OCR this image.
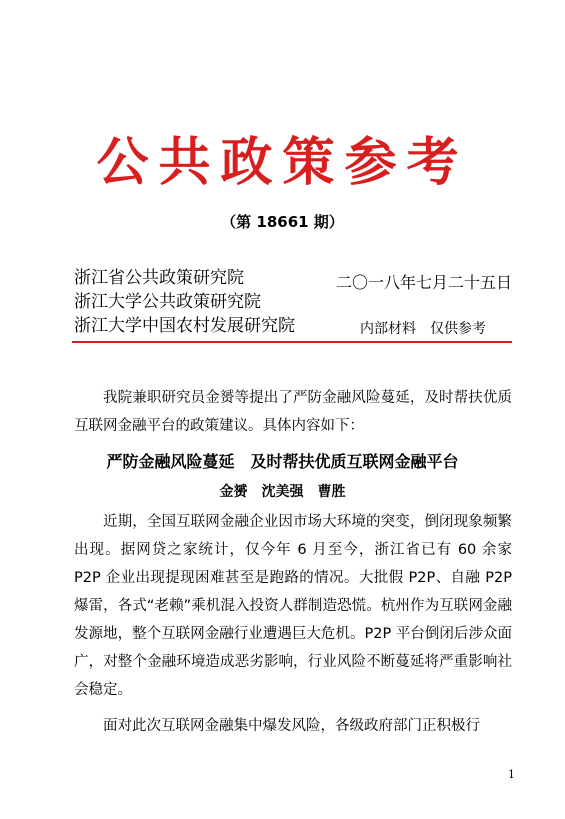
公共政策参考
（第 18661 期）
浙江省公共政策研究院
浙江大学公共政策研究院
浙江大学中国农村发展研究院
二〇一八年七月二十五日
内部材料　仅供参考

我院兼职研究员金赟等提出了严防金融风险蔓延，及时帮扶优质互联网金融平台的政策建议。具体内容如下：

严防金融风险蔓延　及时帮扶优质互联网金融平台
金赟　沈美强　曹胜

近期，全国互联网金融企业因市场大环境的突变，倒闭现象频繁出现。据网贷之家统计，仅今年 6 月至今，浙江省已有 60 余家 P2P 企业出现提现困难甚至是跑路的情况。大批假 P2P、自融 P2P 爆雷，各式“老赖”乘机混入投资人群制造恐慌。杭州作为互联网金融发源地，整个互联网金融行业遭遇巨大危机。P2P 平台倒闭后涉众面广，对整个金融环境造成恶劣影响，行业风险不断蔓延将严重影响社会稳定。

面对此次互联网金融集中爆发风险，各级政府部门正积极行

1
